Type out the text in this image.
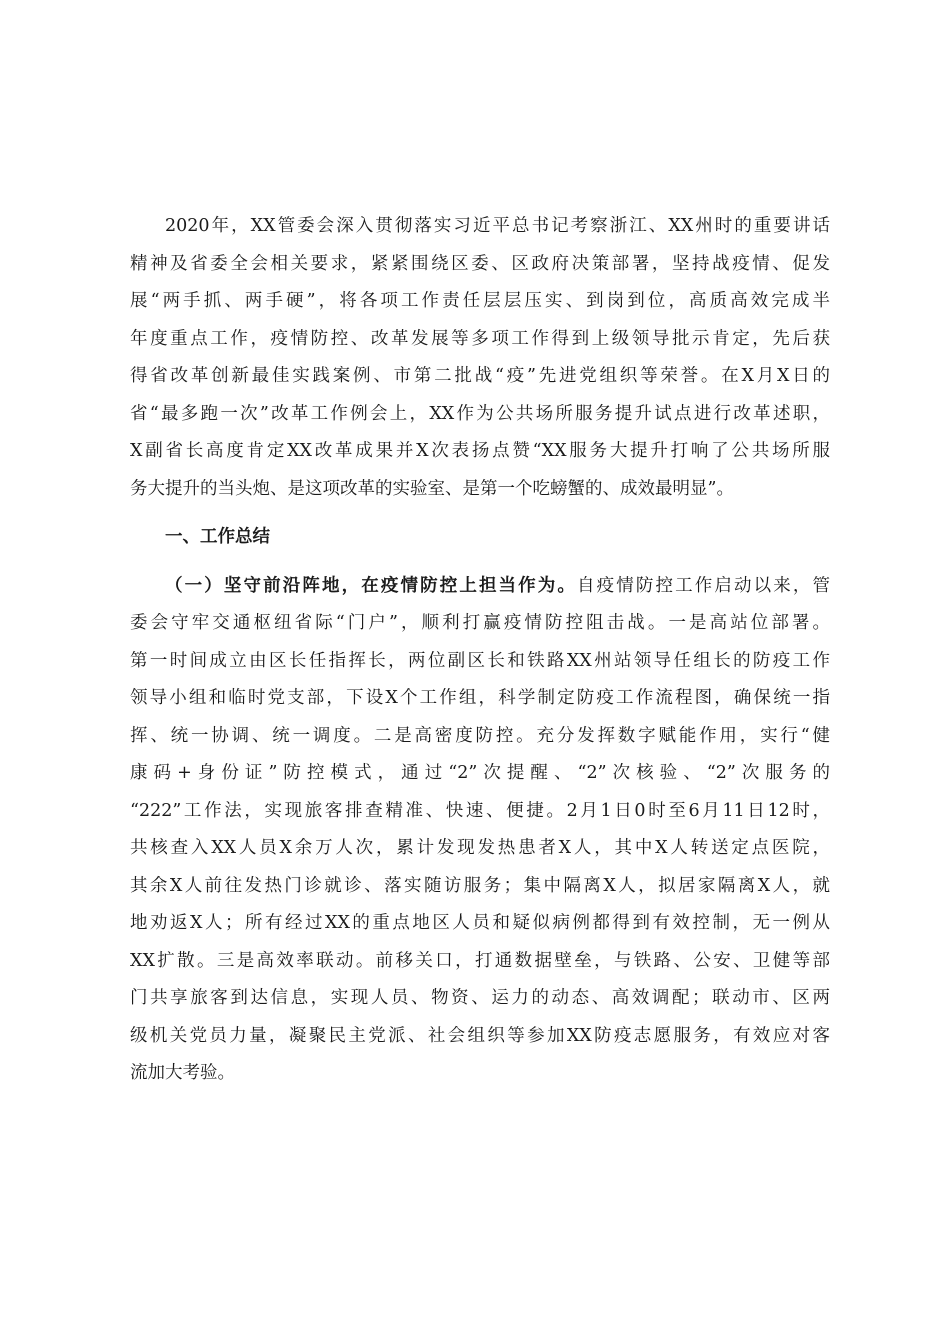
2020年，XX管委会深入贯彻落实习近平总书记考察浙江、XX州时的重要讲话
精神及省委全会相关要求，紧紧围绕区委、区政府决策部署，坚持战疫情、促发
展“两手抓、两手硬”，将各项工作责任层层压实、到岗到位，高质高效完成半
年度重点工作，疫情防控、改革发展等多项工作得到上级领导批示肯定，先后获
得省改革创新最佳实践案例、市第二批战“疫”先进党组织等荣誉。在X月X日的
省“最多跑一次”改革工作例会上，XX作为公共场所服务提升试点进行改革述职，
X副省长高度肯定XX改革成果并X次表扬点赞“XX服务大提升打响了公共场所服
务大提升的当头炮、是这项改革的实验室、是第一个吃螃蟹的、成效最明显”。
一、工作总结
（一）坚守前沿阵地，在疫情防控上担当作为。自疫情防控工作启动以来，管
委会守牢交通枢纽省际“门户”，顺利打赢疫情防控阻击战。一是高站位部署。
第一时间成立由区长任指挥长，两位副区长和铁路XX州站领导任组长的防疫工作
领导小组和临时党支部，下设X个工作组，科学制定防疫工作流程图，确保统一指
挥、统一协调、统一调度。二是高密度防控。充分发挥数字赋能作用，实行“健
康码+身份证”防控模式，通过“2”次提醒、“2”次核验、“2”次服务的
“222”工作法，实现旅客排查精准、快速、便捷。2月1日0时至6月11日12时，
共核查入XX人员X余万人次，累计发现发热患者X人，其中X人转送定点医院，
其余X人前往发热门诊就诊、落实随访服务；集中隔离X人，拟居家隔离X人，就
地劝返X人；所有经过XX的重点地区人员和疑似病例都得到有效控制，无一例从
XX扩散。三是高效率联动。前移关口，打通数据壁垒，与铁路、公安、卫健等部
门共享旅客到达信息，实现人员、物资、运力的动态、高效调配；联动市、区两
级机关党员力量，凝聚民主党派、社会组织等参加XX防疫志愿服务，有效应对客
流加大考验。
